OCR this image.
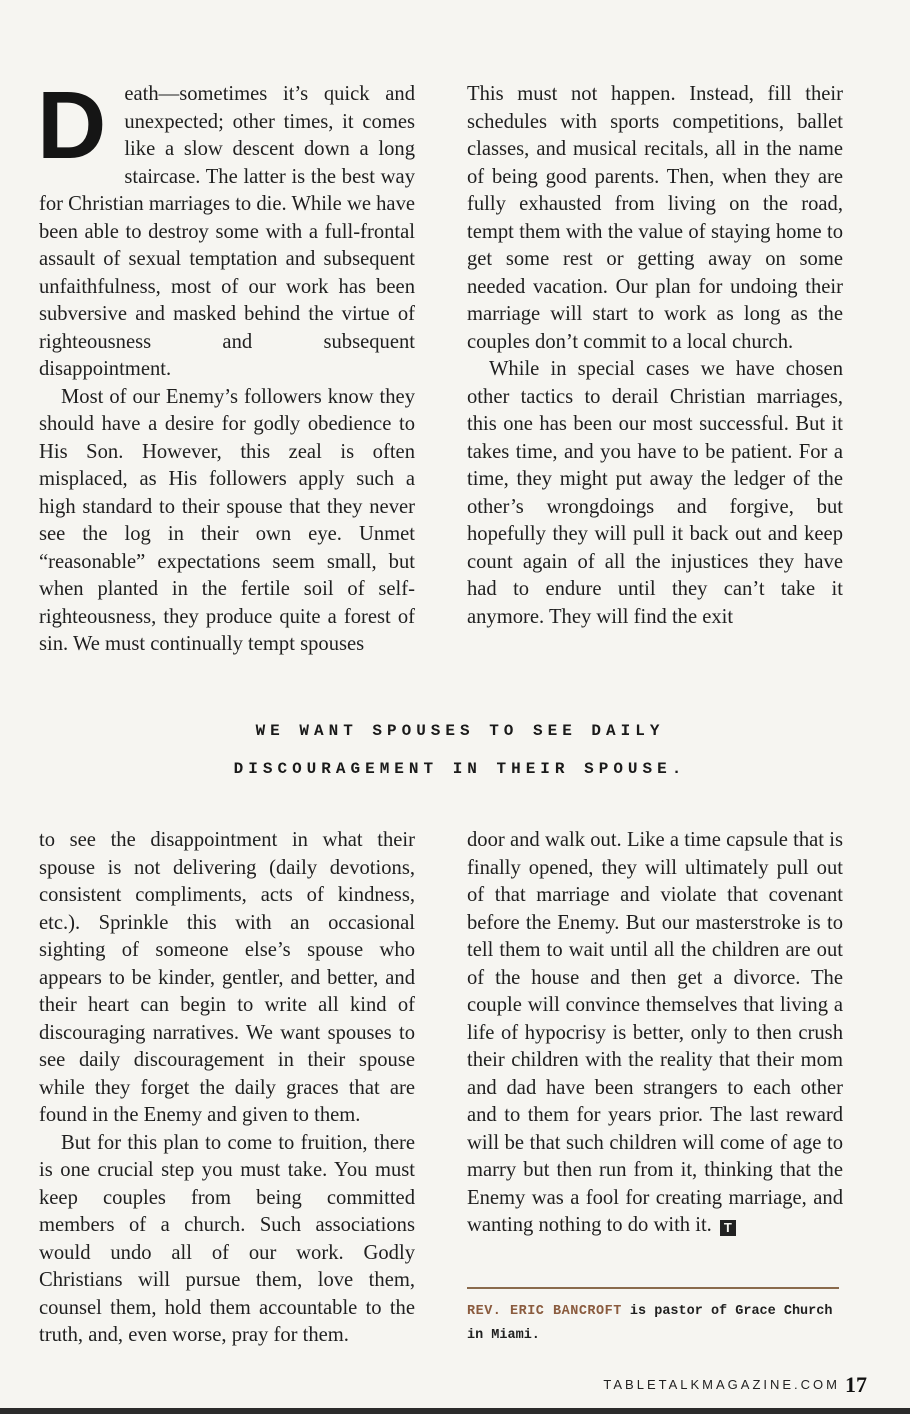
Death—sometimes it’s quick and unexpected; other times, it comes like a slow descent down a long staircase. The latter is the best way for Christian marriages to die. While we have been able to destroy some with a full-frontal assault of sexual temptation and subsequent unfaithfulness, most of our work has been subversive and masked behind the virtue of righteousness and subsequent disappointment.

Most of our Enemy’s followers know they should have a desire for godly obedience to His Son. However, this zeal is often misplaced, as His followers apply such a high standard to their spouse that they never see the log in their own eye. Unmet “reasonable” expectations seem small, but when planted in the fertile soil of self-righteousness, they produce quite a forest of sin. We must continually tempt spouses

This must not happen. Instead, fill their schedules with sports competitions, ballet classes, and musical recitals, all in the name of being good parents. Then, when they are fully exhausted from living on the road, tempt them with the value of staying home to get some rest or getting away on some needed vacation. Our plan for undoing their marriage will start to work as long as the couples don’t commit to a local church.

While in special cases we have chosen other tactics to derail Christian marriages, this one has been our most successful. But it takes time, and you have to be patient. For a time, they might put away the ledger of the other’s wrongdoings and forgive, but hopefully they will pull it back out and keep count again of all the injustices they have had to endure until they can’t take it anymore. They will find the exit

WE WANT SPOUSES TO SEE DAILY
DISCOURAGEMENT IN THEIR SPOUSE.

to see the disappointment in what their spouse is not delivering (daily devotions, consistent compliments, acts of kindness, etc.). Sprinkle this with an occasional sighting of someone else’s spouse who appears to be kinder, gentler, and better, and their heart can begin to write all kind of discouraging narratives. We want spouses to see daily discouragement in their spouse while they forget the daily graces that are found in the Enemy and given to them.

But for this plan to come to fruition, there is one crucial step you must take. You must keep couples from being committed members of a church. Such associations would undo all of our work. Godly Christians will pursue them, love them, counsel them, hold them accountable to the truth, and, even worse, pray for them.

door and walk out. Like a time capsule that is finally opened, they will ultimately pull out of that marriage and violate that covenant before the Enemy. But our masterstroke is to tell them to wait until all the children are out of the house and then get a divorce. The couple will convince themselves that living a life of hypocrisy is better, only to then crush their children with the reality that their mom and dad have been strangers to each other and to them for years prior. The last reward will be that such children will come of age to marry but then run from it, thinking that the Enemy was a fool for creating marriage, and wanting nothing to do with it. T

REV. ERIC BANCROFT is pastor of Grace Church in Miami.
TABLETALKMAGAZINE.COM 17
